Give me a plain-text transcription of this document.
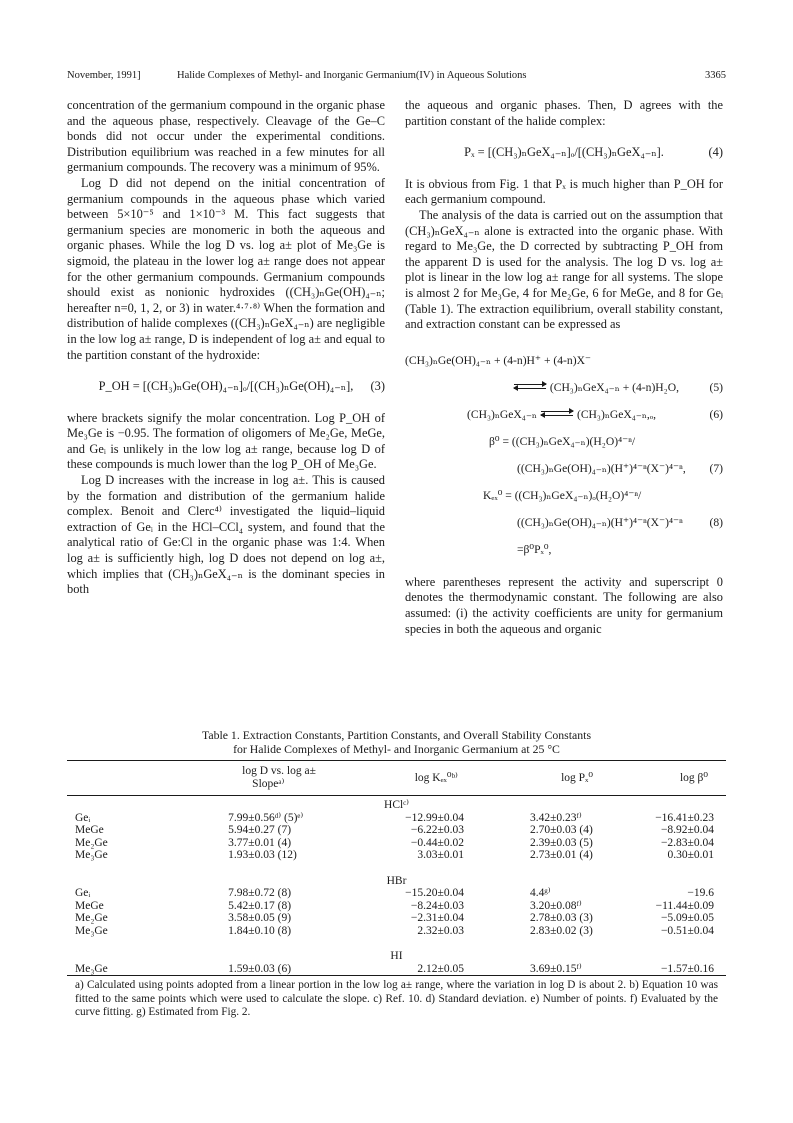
November, 1991]	Halide Complexes of Methyl- and Inorganic Germanium(IV) in Aqueous Solutions	3365

concentration of the germanium compound in the organic phase and the aqueous phase, respectively. Cleavage of the Ge–C bonds did not occur under the experimental conditions. Distribution equilibrium was reached in a few minutes for all germanium compounds. The recovery was a minimum of 95%.

Log D did not depend on the initial concentration of germanium compounds in the aqueous phase which varied between 5×10⁻⁵ and 1×10⁻³ M. This fact suggests that germanium species are monomeric in both the aqueous and organic phases. While the log D vs. log a± plot of Me₃Ge is sigmoid, the plateau in the lower log a± range does not appear for the other germanium compounds. Germanium compounds should exist as nonionic hydroxides ((CH₃)ₙGe(OH)₄₋ₙ; hereafter n=0, 1, 2, or 3) in water.⁴·⁷·⁸⁾ When the formation and distribution of halide complexes ((CH₃)ₙGeX₄₋ₙ) are negligible in the low log a± range, D is independent of log a± and equal to the partition constant of the hydroxide:

P_OH = [(CH₃)ₙGe(OH)₄₋ₙ]ₒ/[(CH₃)ₙGe(OH)₄₋ₙ], (3)

where brackets signify the molar concentration. Log P_OH of Me₃Ge is −0.95. The formation of oligomers of Me₂Ge, MeGe, and Geᵢ is unlikely in the low log a± range, because log D of these compounds is much lower than the log P_OH of Me₃Ge.

Log D increases with the increase in log a±. This is caused by the formation and distribution of the germanium halide complex. Benoit and Clerc⁴⁾ investigated the liquid–liquid extraction of Geᵢ in the HCl–CCl₄ system, and found that the analytical ratio of Ge:Cl in the organic phase was 1:4. When log a± is sufficiently high, log D does not depend on log a±, which implies that (CH₃)ₙGeX₄₋ₙ is the dominant species in both

the aqueous and organic phases. Then, D agrees with the partition constant of the halide complex:

Pₓ = [(CH₃)ₙGeX₄₋ₙ]ₒ/[(CH₃)ₙGeX₄₋ₙ].	(4)

It is obvious from Fig. 1 that Pₓ is much higher than P_OH for each germanium compound.

The analysis of the data is carried out on the assumption that (CH₃)ₙGeX₄₋ₙ alone is extracted into the organic phase. With regard to Me₃Ge, the D corrected by subtracting P_OH from the apparent D is used for the analysis. The log D vs. log a± plot is linear in the low log a± range for all systems. The slope is almost 2 for Me₃Ge, 4 for Me₂Ge, 6 for MeGe, and 8 for Geᵢ (Table 1). The extraction equilibrium, overall stability constant, and extraction constant can be expressed as

(CH₃)ₙGe(OH)₄₋ₙ + (4-n)H⁺ + (4-n)X⁻
(CH₃)ₙGeX₄₋ₙ + (4-n)H₂O,	(5)
(CH₃)ₙGeX₄₋ₙ	(CH₃)ₙGeX₄₋ₙ,ₒ,	(6)
β⁰ = ((CH₃)ₙGeX₄₋ₙ)(H₂O)⁴⁻ⁿ/
((CH₃)ₙGe(OH)₄₋ₙ)(H⁺)⁴⁻ⁿ(X⁻)⁴⁻ⁿ, (7)
Kₑₓ⁰ = ((CH₃)ₙGeX₄₋ₙ)ₒ(H₂O)⁴⁻ⁿ/
((CH₃)ₙGe(OH)₄₋ₙ)(H⁺)⁴⁻ⁿ(X⁻)⁴⁻ⁿ (8)
=β⁰Pₓ⁰,

where parentheses represent the activity and superscript 0 denotes the thermodynamic constant. The following are also assumed: (i) the activity coefficients are unity for germanium species in both the aqueous and organic

Table 1. Extraction Constants, Partition Constants, and Overall Stability Constants
for Halide Complexes of Methyl- and Inorganic Germanium at 25 °C

	log D vs. log a±
Slopeᵃ⁾	log Kₑₓ⁰ᵇ⁾	log Pₓ⁰	log β⁰
HClᶜ⁾				
Geᵢ	7.99±0.56ᵈ⁾ (5)ᵉ⁾	−12.99±0.04	3.42±0.23ᶠ⁾	−16.41±0.23
MeGe	5.94±0.27 (7)	−6.22±0.03	2.70±0.03 (4)	−8.92±0.04
Me₂Ge	3.77±0.01 (4)	−0.44±0.02	2.39±0.03 (5)	−2.83±0.04
Me₃Ge	1.93±0.03 (12)	3.03±0.01	2.73±0.01 (4)	0.30±0.01

HBr				
Geᵢ	7.98±0.72 (8)	−15.20±0.04	4.4ᵍ⁾	−19.6
MeGe	5.42±0.17 (8)	−8.24±0.03	3.20±0.08ᶠ⁾	−11.44±0.09
Me₂Ge	3.58±0.05 (9)	−2.31±0.04	2.78±0.03 (3)	−5.09±0.05
Me₃Ge	1.84±0.10 (8)	2.32±0.03	2.83±0.02 (3)	−0.51±0.04

HI				
Me₃Ge	1.59±0.03 (6)	2.12±0.05	3.69±0.15ᶠ⁾	−1.57±0.16
a) Calculated using points adopted from a linear portion in the low log a± range, where the variation in log D is about 2. b) Equation 10 was fitted to the same points which were used to calculate the slope. c) Ref. 10. d) Standard deviation. e) Number of points. f) Evaluated by the curve fitting. g) Estimated from Fig. 2.
